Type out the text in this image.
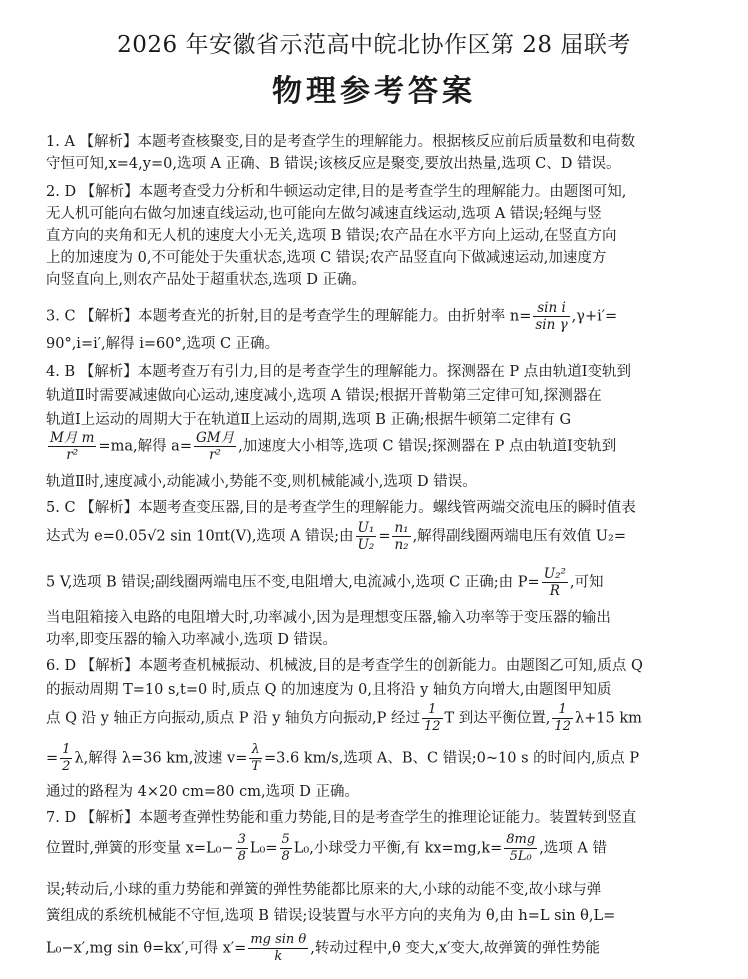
2026 年安徽省示范高中皖北协作区第 28 届联考
物理参考答案
1. A 【解析】本题考查核聚变,目的是考查学生的理解能力。根据核反应前后质量数和电荷数
守恒可知,x=4,y=0,选项 A 正确、B 错误;该核反应是聚变,要放出热量,选项 C、D 错误。
2. D 【解析】本题考查受力分析和牛顿运动定律,目的是考查学生的理解能力。由题图可知,
无人机可能向右做匀加速直线运动,也可能向左做匀减速直线运动,选项 A 错误;轻绳与竖
直方向的夹角和无人机的速度大小无关,选项 B 错误;农产品在水平方向上运动,在竖直方向
上的加速度为 0,不可能处于失重状态,选项 C 错误;农产品竖直向下做减速运动,加速度方
向竖直向上,则农产品处于超重状态,选项 D 正确。
3. C 【解析】本题考查光的折射,目的是考查学生的理解能力。由折射率 $n= \frac{\text{sin i}}{\text{sin γ}} ,\gamma+i'=$
90°,i=i′,解得 i=60°,选项 C 正确。
4. B 【解析】本题考查万有引力,目的是考查学生的理解能力。探测器在 P 点由轨道Ⅰ变轨到
轨道Ⅱ时需要减速做向心运动,速度减小,选项 A 错误;根据开普勒第三定律可知,探测器在
轨道Ⅰ上运动的周期大于在轨道Ⅱ上运动的周期,选项 B 正确;根据牛顿第二定律有 G
$\frac{\text{M月 m}}{\text{r²}} =ma$,解得 $a= \frac{\text{GM月}}{\text{r²}}$ ,加速度大小相等,选项 C 错误;探测器在 P 点由轨道Ⅰ变轨到
轨道Ⅱ时,速度减小,动能减小,势能不变,则机械能减小,选项 D 错误。
5. C 【解析】本题考查变压器,目的是考查学生的理解能力。螺线管两端交流电压的瞬时值表
达式为 e=0.05√2 sin 10πt(V),选项 A 错误;由 $\frac{\text{U₁}}{\text{U₂}} = \frac{\text{n₁}}{\text{n₂}}$ ,解得副线圈两端电压有效值 U₂=
5 V,选项 B 错误;副线圈两端电压不变,电阻增大,电流减小,选项 C 正确;由 $P= \frac{\text{U₂²}}{R}$ ,可知
当电阻箱接入电路的电阻增大时,功率减小,因为是理想变压器,输入功率等于变压器的输出
功率,即变压器的输入功率减小,选项 D 错误。
6. D 【解析】本题考查机械振动、机械波,目的是考查学生的创新能力。由题图乙可知,质点 Q
的振动周期 T=10 s,t=0 时,质点 Q 的加速度为 0,且将沿 y 轴负方向增大,由题图甲知质
点 Q 沿 y 轴正方向振动,质点 P 沿 y 轴负方向振动,P 经过 $\frac{1}{12}$ T 到达平衡位置, $\frac{1}{12} \lambda+15$ km
= $\frac{1}{2} \lambda$,解得 λ=36 km,波速 $v= \frac{\lambda}{T} =3.6$ km/s,选项 A、B、C 错误;0~10 s 的时间内,质点 P
通过的路程为 4×20 cm=80 cm,选项 D 正确。
7. D 【解析】本题考查弹性势能和重力势能,目的是考查学生的推理论证能力。装置转到竖直
位置时,弹簧的形变量 $x=L_0- \frac{3}{8} L_0= \frac{5}{8} L_0$,小球受力平衡,有 $kx=mg,k= \frac{8mg}{\text{5L₀}}$ ,选项 A 错
误;转动后,小球的重力势能和弹簧的弹性势能都比原来的大,小球的动能不变,故小球与弹
簧组成的系统机械能不守恒,选项 B 错误;设装置与水平方向的夹角为 θ,由 h=L sin θ,L=
L₀−x′,mg sin θ=kx′,可得 $x'= \frac{\text{mg sin θ}}{k}$ ,转动过程中,θ 变大,x′变大,故弹簧的弹性势能
